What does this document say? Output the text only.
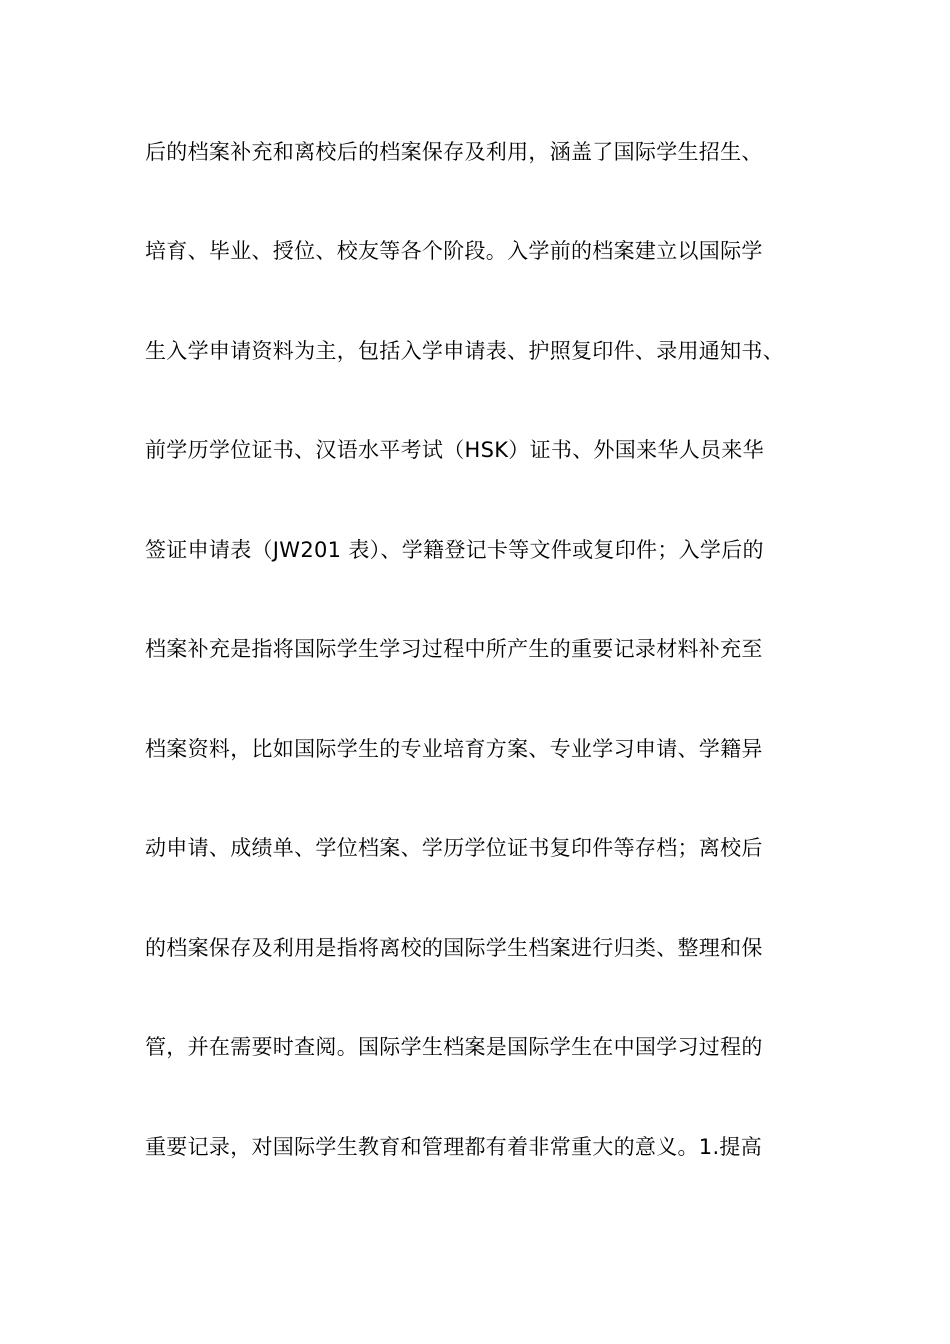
后的档案补充和离校后的档案保存及利用，涵盖了国际学生招生、
培育、毕业、授位、校友等各个阶段。入学前的档案建立以国际学
生入学申请资料为主，包括入学申请表、护照复印件、录用通知书、
前学历学位证书、汉语水平考试（HSK）证书、外国来华人员来华
签证申请表（JW201 表）、学籍登记卡等文件或复印件；入学后的
档案补充是指将国际学生学习过程中所产生的重要记录材料补充至
档案资料，比如国际学生的专业培育方案、专业学习申请、学籍异
动申请、成绩单、学位档案、学历学位证书复印件等存档；离校后
的档案保存及利用是指将离校的国际学生档案进行归类、整理和保
管，并在需要时查阅。国际学生档案是国际学生在中国学习过程的
重要记录，对国际学生教育和管理都有着非常重大的意义。1.提高
